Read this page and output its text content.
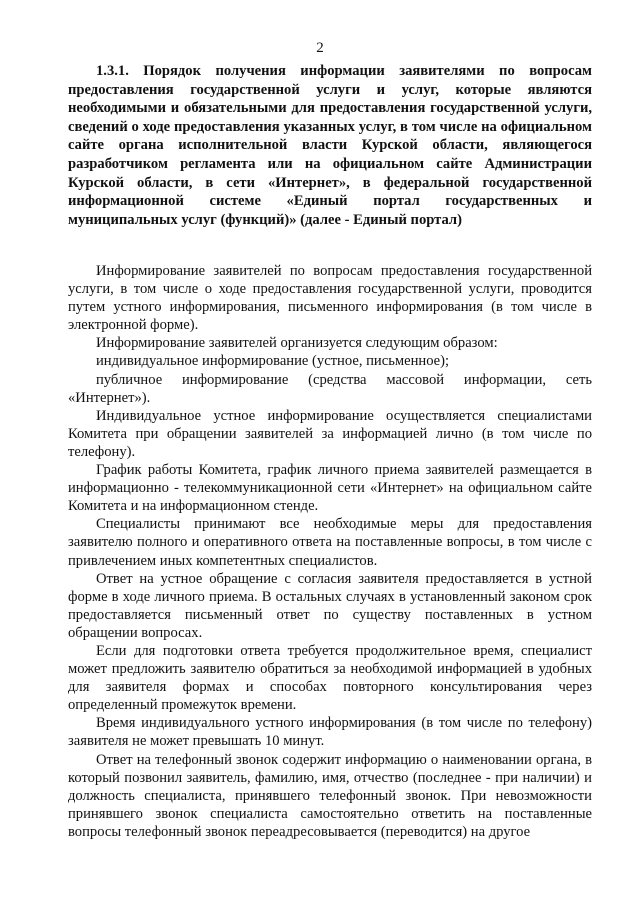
2

1.3.1. Порядок получения информации заявителями по вопросам предоставления государственной услуги и услуг, которые являются необходимыми и обязательными для предоставления государственной услуги, сведений о ходе предоставления указанных услуг, в том числе на официальном сайте органа исполнительной власти Курской области, являющегося разработчиком регламента или на официальном сайте Администрации Курской области, в сети «Интернет», в федеральной государственной информационной системе «Единый портал государственных и муниципальных услуг (функций)» (далее - Единый портал)

Информирование заявителей по вопросам предоставления государственной услуги, в том числе о ходе предоставления государственной услуги, проводится путем устного информирования, письменного информирования (в том числе в электронной форме).

Информирование заявителей организуется следующим образом:

индивидуальное информирование (устное, письменное);

публичное информирование (средства массовой информации, сеть «Интернет»).

Индивидуальное устное информирование осуществляется специалистами Комитета при обращении заявителей за информацией лично (в том числе по телефону).

График работы Комитета, график личного приема заявителей размещается в информационно - телекоммуникационной сети «Интернет» на официальном сайте Комитета и на информационном стенде.

Специалисты принимают все необходимые меры для предоставления заявителю полного и оперативного ответа на поставленные вопросы, в том числе с привлечением иных компетентных специалистов.

Ответ на устное обращение с согласия заявителя предоставляется в устной форме в ходе личного приема. В остальных случаях в установленный законом срок предоставляется письменный ответ по существу поставленных в устном обращении вопросах.

Если для подготовки ответа требуется продолжительное время, специалист может предложить заявителю обратиться за необходимой информацией в удобных для заявителя формах и способах повторного консультирования через определенный промежуток времени.

Время индивидуального устного информирования (в том числе по телефону) заявителя не может превышать 10 минут.

Ответ на телефонный звонок содержит информацию о наименовании органа, в который позвонил заявитель, фамилию, имя, отчество (последнее - при наличии) и должность специалиста, принявшего телефонный звонок. При невозможности принявшего звонок специалиста самостоятельно ответить на поставленные вопросы телефонный звонок переадресовывается (переводится) на другое
